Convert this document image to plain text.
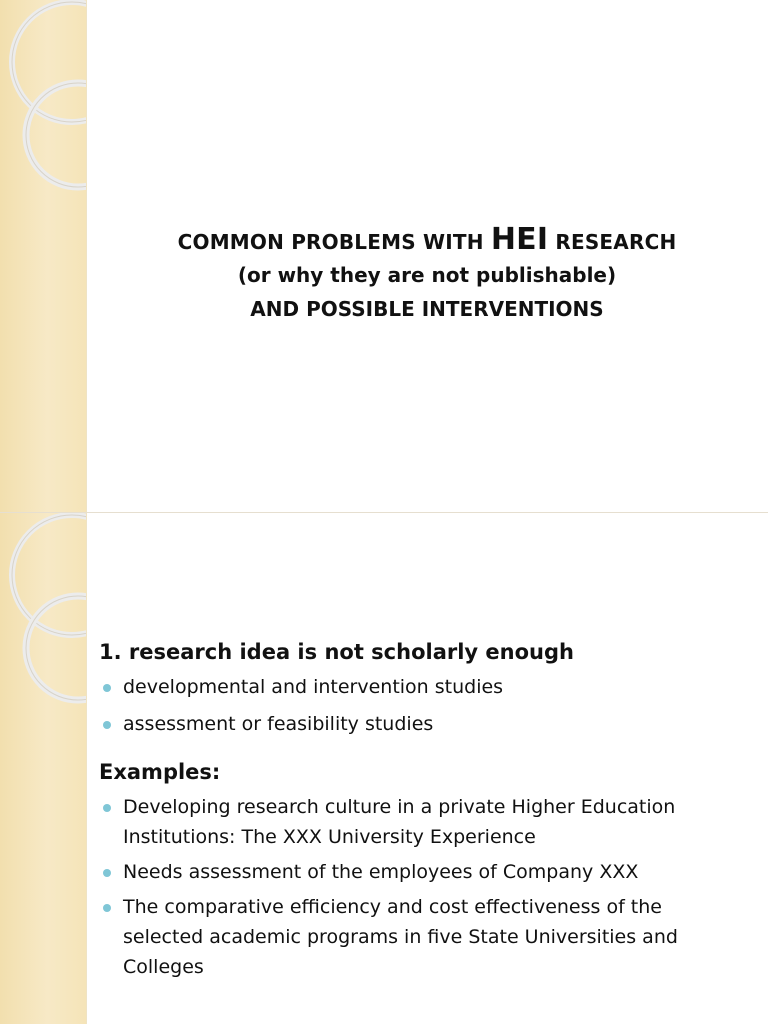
COMMON PROBLEMS WITH HEI RESEARCH
(or why they are not publishable)
AND POSSIBLE INTERVENTIONS
1. research idea is not scholarly enough
developmental and intervention studies
assessment or feasibility studies
Examples:
Developing research culture in a private Higher Education Institutions: The XXX University Experience
Needs assessment of the employees of Company XXX
The comparative efficiency and cost effectiveness of the selected academic programs in five State Universities and Colleges
